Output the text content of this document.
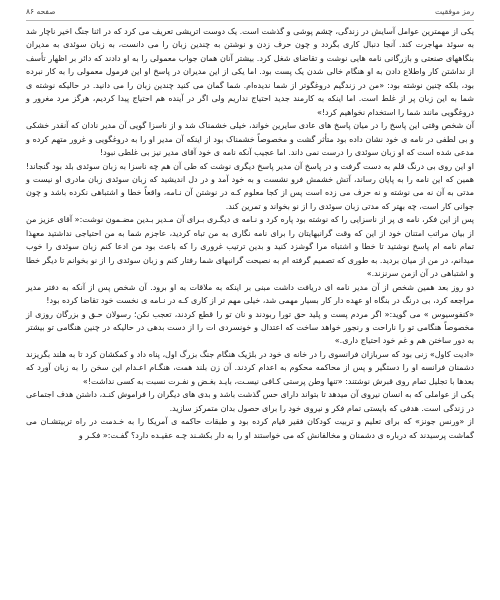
رمز موفقیت
صفحه ۸۶

یکی از مهمترین عوامل آسایش در زندگی، چشم پوشی و گذشت است. یک دوست اتریشی تعریف می کرد که در اثنا جنگ اخیر ناچار شد به سوئد مهاجرت کند. آنجا دنبال کاری بگردد و چون حرف زدن و نوشتن به چندین زبان را می دانست، به زبان سوئدی به مدیران بنگاههای صنعتی و بازرگانی نامه هایی نوشت و تقاضای شغل کرد. بیشتر آنان همان جواب معمولی را به او دادند که دائر بر اظهار تأسف از نداشتن کار واطلاع دادن به او هنگام خالی شدن یک پست بود. اما یکی از این مدیران در پاسخ او این فرمول معمولی را به کار نبرده بود، بلکه چنین نوشته بود: «من در زندگیم دروغگوتر از شما ندیده‌ام. شما گمان می کنید چندین زبان را می دانید. در حالیکه نوشته ی شما به این زبان پر از غلط است. اما اینکه به کارمند جدید احتیاج نداریم ولی اگر در آینده هم احتیاج پیدا کردیم، هرگز مرد مغرور و دروغگویی مانند شما را استخدام نخواهیم کرد!»

آن شخص وقتی این پاسخ را در میان پاسخ های عادی سایرین خواند، خیلی خشمناک شد و از ناسزا گویی آن مدیر نادان که آنقدر خشکی و بی لطفی در نامه ی خود نشان داده بود متأثر گشت و مخصوصاً خشمناک بود از اینکه آن مدیر او را به دروغگویی و غرور متهم کرده و مدعی شده است که او زبان سوئدی را درست نمی داند. اما عجیب آنکه نامه ی خود آقای مدیر نیز بی غلطی نبود!

او این روی بی درنگ قلم به دست گرفت و در پاسخ آن مدیر پاسخ دیگری نوشت که طی آن هم چه ناسزا به زبان سوئدی بلد بود گنجاند! همین که این نامه را به پایان رساند، آتش خشمش فرو نشست و به خود آمد و در دل اندیشید که زبان سوئدی زبان مادری او نیست و مدتی به آن نه می نوشته و نه حرف می زده است پس از کجا معلوم کـه در نوشتن آن نـامه، واقعاً خطا و اشتباهی نکرده باشد و چون جوانی کار است، چه بهتر که مدتی زبان سوئدی را از نو بخواند و تمرین کند.

پس از این فکر، نامه ی پر از ناسزایی را که نوشته بود پاره کرد و نـامه ی دیگـری بـرای آن مـدیر بـدین مضـمون نوشت:« آقای عزیز من از بیان مراتب امتنان خود از این که وقت گرانبهایتان را برای نامه نگاری به من تباه کردید، عاجزم شما به من احتیاجی نداشتید معهذا تمام نامه ام پاسخ نوشتید تا خطا و اشتباه مرا گوشزد کنید و بدین ترتیب غروری را که باعث بود من ادعا کنم زبان سوئدی را خوب میدانم، در من از میان بردید. به طوری که تصمیم گرفته ام به نصیحت گرانبهای شما رفتار کنم و زبان سوئدی را از نو بخوانم تا دیگر خطا و اشتباهی در آن ازمن سرنزند.»

دو روز بعد همین شخص از آن مدیر نامه ای دریافت داشت مبنی بر اینکه به ملاقات به او برود. آن شخص پس از آنکه به دفتر مدیر مراجعه کرد، بی درنگ در بنگاه او عهده دار کار بسیار مهمی شد، خیلی مهم تر از کاری کـه در نـامه ی نخست خود تقاضا کرده بود!

«کنفوسیوس » می گوید:« اگر مردم پست و پلید حق تورا ربودند و نان تو را قطع کردند، تعجب نکن؛ رسولان حـق و بزرگان روزی از مخصوصاً هنگامی تو را ناراحت و رنجور خواهد ساخت که اعتدال و خونسردی ات را از دست بدهی در حالیکه در چنین هنگامی تو بیشتر به دور ساختن هم و غم خود احتیاج داری.»

«ادیت کاول» زنی بود که سربازان فرانسوی را در خانه ی خود در بلژیک هنگام جنگ بزرگ اول، پناه داد و کمکشان کرد تا به هلند بگریزند دشمنان فرانسه او را دستگیر و پس از محاکمه محکوم به اعدام کردند. آن زن بلند همت، هنگـام اعـدام این سخن را به زبان آورد که بعدها با تجلیل تمام روی قبرش نوشتند: «تنها وطن پرستی کـافی نیسـت، بایـد بغـض و نفـرت نسبت به کسی نداشت!»

یکی از عواملی که به انسان نیروی آن میدهد تا بتواند دارای حس گذشت باشد و بدی های دیگران را فراموش کنـد، داشتن هدف اجتماعی در زندگی است. هدفی که بایستی تمام فکر و نیروی خود را برای حصول بدان متمرکز سازید.

از «ورنس جونز» که برای تعلیم و تربیت کودکان فقیر قیام کرده بود و طبقات حاکمه ی آمریکا را به خـدمت در راه تربیتشـان می گماشت پرسیدند که درباره ی دشمنان و مخالفانش که می خواستند او را به دار بکشـند چـه عقیـده دارد؟ گفـت:« فکـر و
